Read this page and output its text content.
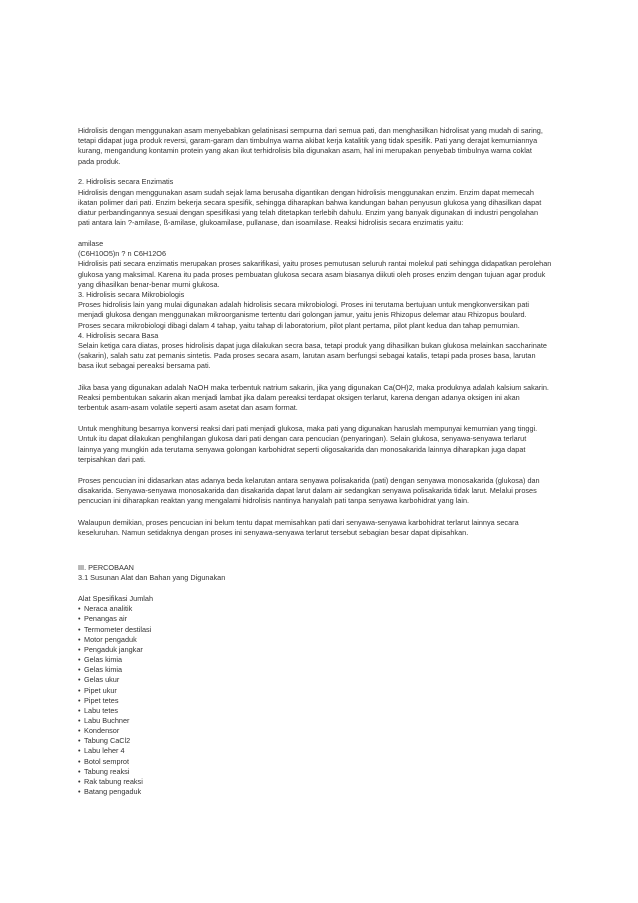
Hidrolisis dengan menggunakan asam menyebabkan gelatinisasi sempurna dari semua pati, dan menghasilkan hidrolisat yang mudah di saring,
tetapi didapat juga produk reversi, garam-garam dan timbulnya warna akibat kerja katalitik yang tidak spesifik. Pati yang derajat kemurniannya
kurang, mengandung kontamin protein yang akan ikut terhidrolisis bila digunakan asam, hal ini merupakan penyebab timbulnya warna coklat
pada produk.
2. Hidrolisis secara Enzimatis
Hidrolisis dengan menggunakan asam sudah sejak lama berusaha digantikan dengan hidrolisis menggunakan enzim. Enzim dapat memecah
ikatan polimer dari pati. Enzim bekerja secara spesifik, sehingga diharapkan bahwa kandungan bahan penyusun glukosa yang dihasilkan dapat
diatur perbandingannya sesuai dengan spesifikasi yang telah ditetapkan terlebih dahulu. Enzim yang banyak digunakan di industri pengolahan
pati antara lain ?-amilase, ß-amilase, glukoamilase, pullanase, dan isoamilase. Reaksi hidrolisis secara enzimatis yaitu:
amilase
(C6H10O5)n ? n C6H12O6
Hidrolisis pati secara enzimatis merupakan proses sakarifikasi, yaitu proses pemutusan seluruh rantai molekul pati sehingga didapatkan perolehan
glukosa yang maksimal. Karena itu pada proses pembuatan glukosa secara asam biasanya diikuti oleh proses enzim dengan tujuan agar produk
yang dihasilkan benar-benar murni glukosa.
3. Hidrolisis secara Mikrobiologis
Proses hidrolisis lain yang mulai digunakan adalah hidrolisis secara mikrobiologi. Proses ini terutama bertujuan untuk mengkonversikan pati
menjadi glukosa dengan menggunakan mikroorganisme tertentu dari golongan jamur, yaitu jenis Rhizopus delemar atau Rhizopus boulard.
Proses secara mikrobiologi dibagi dalam 4 tahap, yaitu tahap di laboratorium, pilot plant pertama, pilot plant kedua dan tahap pemurnian.
4. Hidrolisis secara Basa
Selain ketiga cara diatas, proses hidrolisis dapat juga dilakukan secra basa, tetapi produk yang dihasilkan bukan glukosa melainkan saccharinate
(sakarin), salah satu zat pemanis sintetis. Pada proses secara asam, larutan asam berfungsi sebagai katalis, tetapi pada proses basa, larutan
basa ikut sebagai pereaksi bersama pati.
Jika basa yang digunakan adalah NaOH maka terbentuk natrium sakarin, jika yang digunakan Ca(OH)2, maka produknya adalah kalsium sakarin.
Reaksi pembentukan sakarin akan menjadi lambat jika dalam pereaksi terdapat oksigen terlarut, karena dengan adanya oksigen ini akan
terbentuk asam-asam volatile seperti asam asetat dan asam format.
Untuk menghitung besarnya konversi reaksi dari pati menjadi glukosa, maka pati yang digunakan haruslah mempunyai kemurnian yang tinggi.
Untuk itu dapat dilakukan penghilangan glukosa dari pati dengan cara pencucian (penyaringan). Selain glukosa, senyawa-senyawa terlarut
lainnya yang mungkin ada terutama senyawa golongan karbohidrat seperti oligosakarida dan monosakarida lainnya diharapkan juga dapat
terpisahkan dari pati.
Proses pencucian ini didasarkan atas adanya beda kelarutan antara senyawa polisakarida (pati) dengan senyawa monosakarida (glukosa) dan
disakarida. Senyawa-senyawa monosakarida dan disakarida dapat larut dalam air sedangkan senyawa polisakarida tidak larut. Melalui proses
pencucian ini diharapkan reaktan yang mengalami hidrolisis nantinya hanyalah pati tanpa senyawa karbohidrat yang lain.
Walaupun demikian, proses pencucian ini belum tentu dapat memisahkan pati dari senyawa-senyawa karbohidrat terlarut lainnya secara
keseluruhan. Namun setidaknya dengan proses ini senyawa-senyawa terlarut tersebut sebagian besar dapat dipisahkan.
III. PERCOBAAN
3.1 Susunan Alat dan Bahan yang Digunakan
Alat Spesifikasi Jumlah
• Neraca analitik
• Penangas air
• Termometer destilasi
• Motor pengaduk
• Pengaduk jangkar
• Gelas kimia
• Gelas kimia
• Gelas ukur
• Pipet ukur
• Pipet tetes
• Labu tetes
• Labu Buchner
• Kondensor
• Tabung CaCl2
• Labu leher 4
• Botol semprot
• Tabung reaksi
• Rak tabung reaksi
• Batang pengaduk
